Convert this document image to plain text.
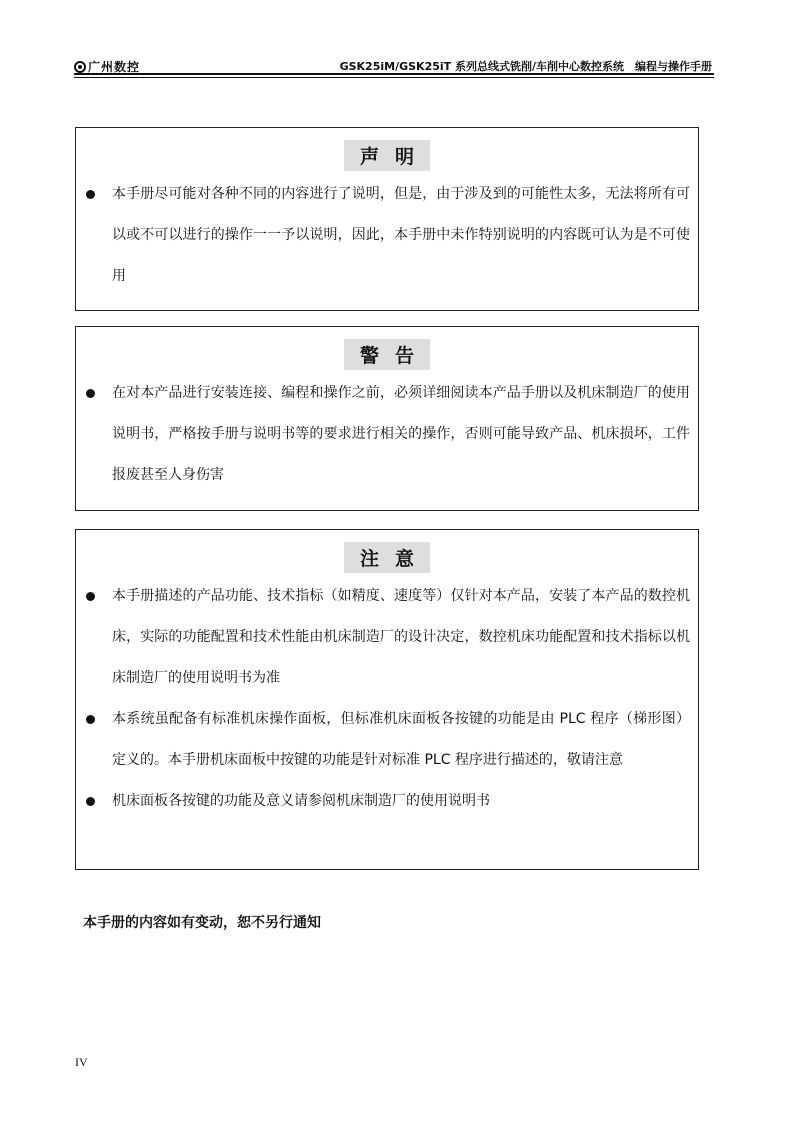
广州数控	GSK25iM/GSK25iT 系列总线式铣削/车削中心数控系统　编程与操作手册
声明
本手册尽可能对各种不同的内容进行了说明，但是，由于涉及到的可能性太多，无法将所有可以或不可以进行的操作一一予以说明，因此，本手册中未作特别说明的内容既可认为是不可使用
警告
在对本产品进行安装连接、编程和操作之前，必须详细阅读本产品手册以及机床制造厂的使用说明书，严格按手册与说明书等的要求进行相关的操作，否则可能导致产品、机床损坏，工件报废甚至人身伤害
注意
本手册描述的产品功能、技术指标（如精度、速度等）仅针对本产品，安装了本产品的数控机床，实际的功能配置和技术性能由机床制造厂的设计决定，数控机床功能配置和技术指标以机床制造厂的使用说明书为准
本系统虽配备有标准机床操作面板，但标准机床面板各按键的功能是由 PLC 程序（梯形图）定义的。本手册机床面板中按键的功能是针对标准 PLC 程序进行描述的，敬请注意
机床面板各按键的功能及意义请参阅机床制造厂的使用说明书
本手册的内容如有变动，恕不另行通知
IV
